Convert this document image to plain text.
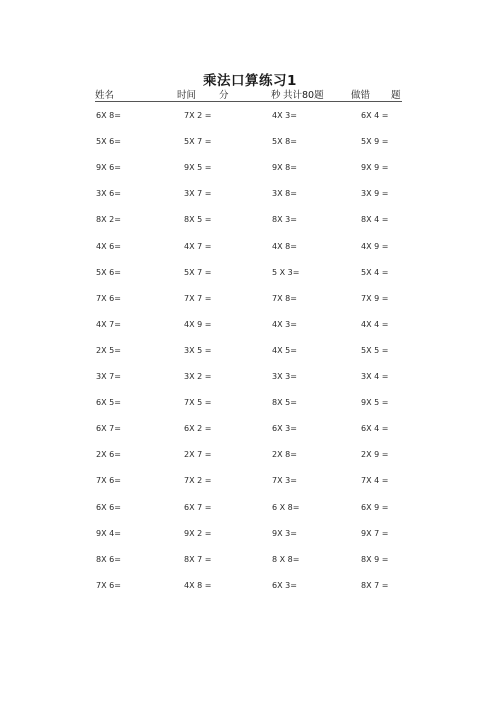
乘法口算练习1
姓名	时间 分	秒 共计80题	做错 题
6X 8=	7X 2 =	4X 3=	6X 4 =
5X 6=	5X 7 =	5X 8=	5X 9 =
9X 6=	9X 5 =	9X 8=	9X 9 =
3X 6=	3X 7 =	3X 8=	3X 9 =
8X 2=	8X 5 =	8X 3=	8X 4 =
4X 6=	4X 7 =	4X 8=	4X 9 =
5X 6=	5X 7 =	5 X 3=	5X 4 =
7X 6=	7X 7 =	7X 8=	7X 9 =
4X 7=	4X 9 =	4X 3=	4X 4 =
2X 5=	3X 5 =	4X 5=	5X 5 =
3X 7=	3X 2 =	3X 3=	3X 4 =
6X 5=	7X 5 =	8X 5=	9X 5 =
6X 7=	6X 2 =	6X 3=	6X 4 =
2X 6=	2X 7 =	2X 8=	2X 9 =
7X 6=	7X 2 =	7X 3=	7X 4 =
6X 6=	6X 7 =	6 X 8=	6X 9 =
9X 4=	9X 2 =	9X 3=	9X 7 =
8X 6=	8X 7 =	8 X 8=	8X 9 =
7X 6=	4X 8 =	6X 3=	8X 7 =
